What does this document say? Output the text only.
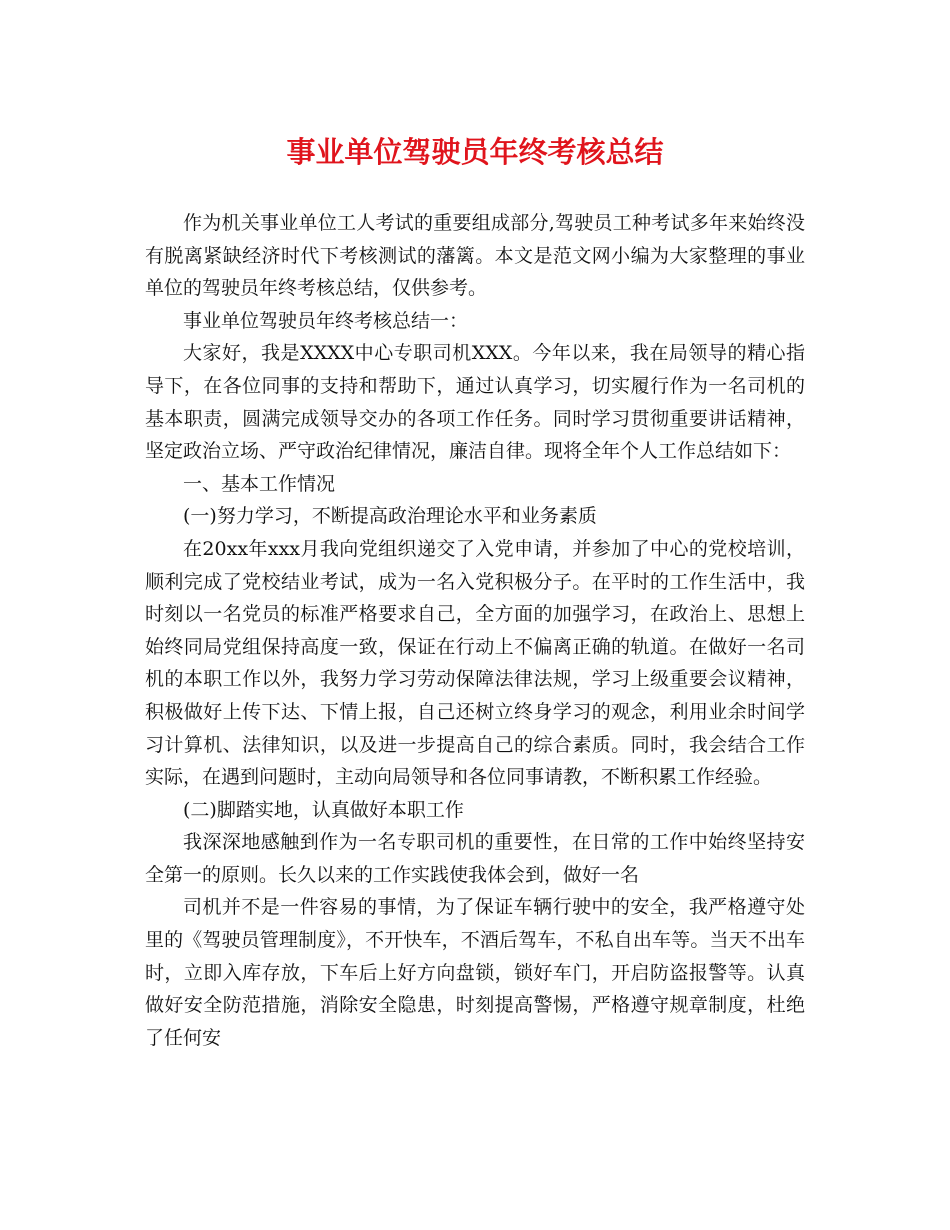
事业单位驾驶员年终考核总结

作为机关事业单位工人考试的重要组成部分,驾驶员工种考试多年来始终没有脱离紧缺经济时代下考核测试的藩篱。本文是范文网小编为大家整理的事业单位的驾驶员年终考核总结，仅供参考。

事业单位驾驶员年终考核总结一：

大家好，我是XXXX中心专职司机XXX。今年以来，我在局领导的精心指导下，在各位同事的支持和帮助下，通过认真学习，切实履行作为一名司机的基本职责，圆满完成领导交办的各项工作任务。同时学习贯彻重要讲话精神，坚定政治立场、严守政治纪律情况，廉洁自律。现将全年个人工作总结如下：

一、基本工作情况

(一)努力学习，不断提高政治理论水平和业务素质

在20xx年xxx月我向党组织递交了入党申请，并参加了中心的党校培训，顺利完成了党校结业考试，成为一名入党积极分子。在平时的工作生活中，我时刻以一名党员的标准严格要求自己，全方面的加强学习，在政治上、思想上始终同局党组保持高度一致，保证在行动上不偏离正确的轨道。在做好一名司机的本职工作以外，我努力学习劳动保障法律法规，学习上级重要会议精神，积极做好上传下达、下情上报，自己还树立终身学习的观念，利用业余时间学习计算机、法律知识，以及进一步提高自己的综合素质。同时，我会结合工作实际，在遇到问题时，主动向局领导和各位同事请教，不断积累工作经验。

(二)脚踏实地，认真做好本职工作

我深深地感触到作为一名专职司机的重要性，在日常的工作中始终坚持安全第一的原则。长久以来的工作实践使我体会到，做好一名

司机并不是一件容易的事情，为了保证车辆行驶中的安全，我严格遵守处里的《驾驶员管理制度》，不开快车，不酒后驾车，不私自出车等。当天不出车时，立即入库存放，下车后上好方向盘锁，锁好车门，开启防盗报警等。认真做好安全防范措施，消除安全隐患，时刻提高警惕，严格遵守规章制度，杜绝了任何安
